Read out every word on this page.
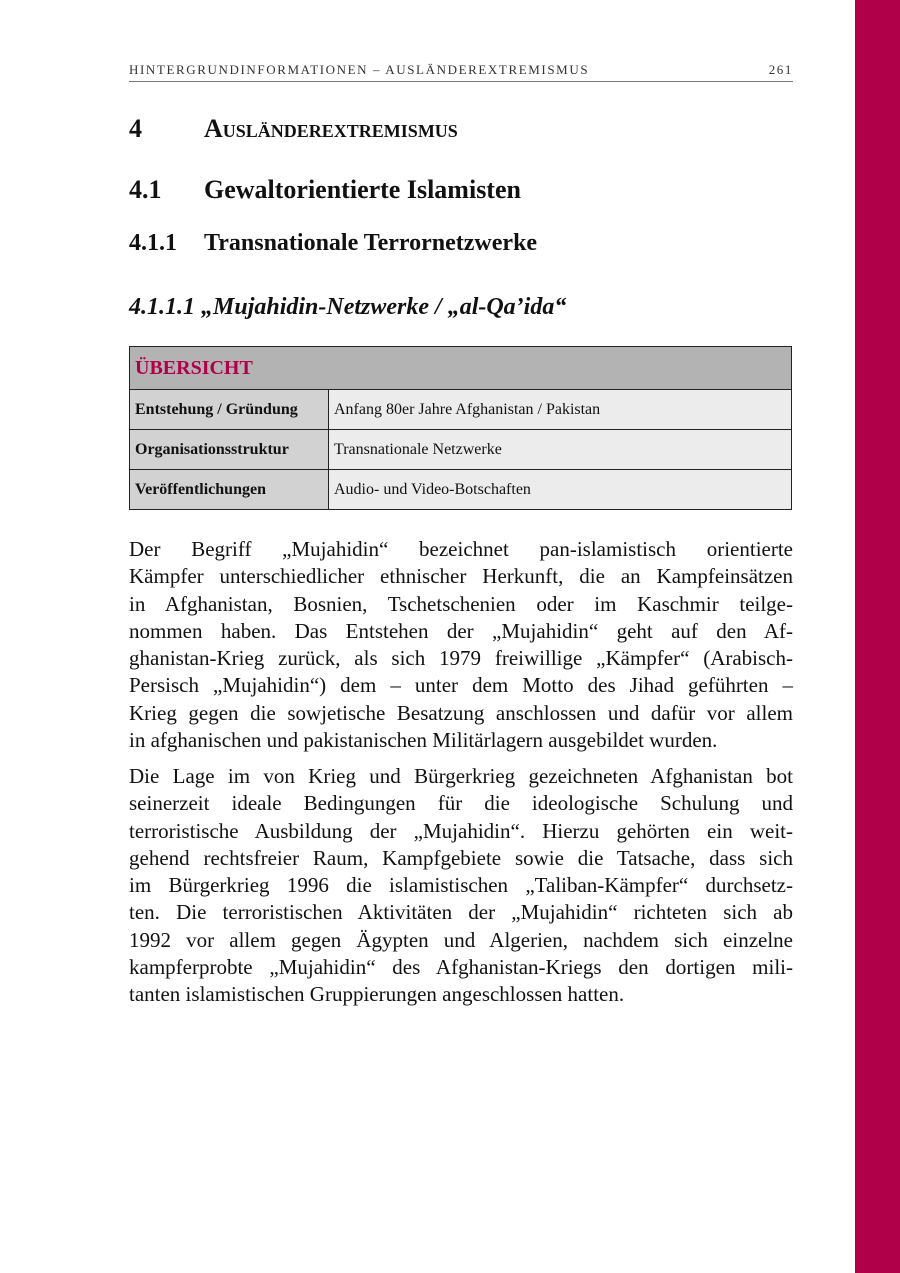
HINTERGRUNDINFORMATIONEN – AUSLÄNDEREXTREMISMUS	261
4 Ausländerextremismus
4.1 Gewaltorientierte Islamisten
4.1.1 Transnationale Terrornetzwerke
4.1.1.1 „Mujahidin-Netzwerke / „al-Qa’ida“
ÜBERSICHT	
Entstehung / Gründung	Anfang 80er Jahre Afghanistan / Pakistan
Organisationsstruktur	Transnationale Netzwerke
Veröffentlichungen	Audio- und Video-Botschaften
Der Begriff „Mujahidin“ bezeichnet pan-islamistisch orientierte
Kämpfer unterschiedlicher ethnischer Herkunft, die an Kampfeinsätzen
in Afghanistan, Bosnien, Tschetschenien oder im Kaschmir teilge-
nommen haben. Das Entstehen der „Mujahidin“ geht auf den Af-
ghanistan-Krieg zurück, als sich 1979 freiwillige „Kämpfer“ (Arabisch-
Persisch „Mujahidin“) dem – unter dem Motto des Jihad geführten –
Krieg gegen die sowjetische Besatzung anschlossen und dafür vor allem
in afghanischen und pakistanischen Militärlagern ausgebildet wurden.
Die Lage im von Krieg und Bürgerkrieg gezeichneten Afghanistan bot
seinerzeit ideale Bedingungen für die ideologische Schulung und
terroristische Ausbildung der „Mujahidin“. Hierzu gehörten ein weit-
gehend rechtsfreier Raum, Kampfgebiete sowie die Tatsache, dass sich
im Bürgerkrieg 1996 die islamistischen „Taliban-Kämpfer“ durchsetz-
ten. Die terroristischen Aktivitäten der „Mujahidin“ richteten sich ab
1992 vor allem gegen Ägypten und Algerien, nachdem sich einzelne
kampferprobte „Mujahidin“ des Afghanistan-Kriegs den dortigen mili-
tanten islamistischen Gruppierungen angeschlossen hatten.
